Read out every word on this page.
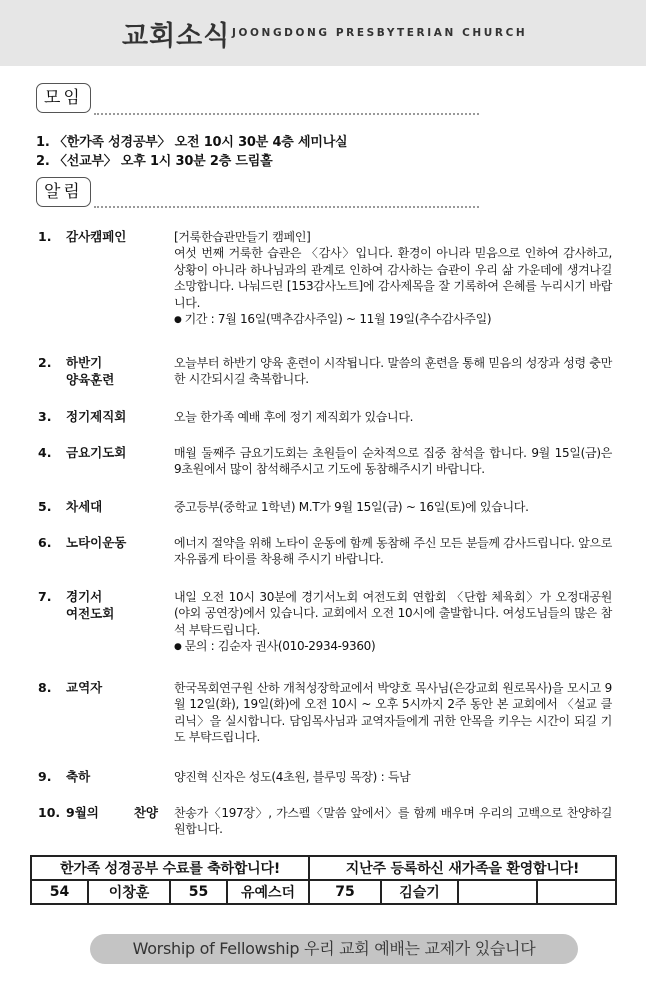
교회소식 JOONGDONG PRESBYTERIAN CHURCH
모임
1. 〈한가족 성경공부〉 오전 10시 30분 4층 세미나실
2. 〈선교부〉 오후 1시 30분 2층 드림홀
알림
1. 감사캠페인	[거룩한습관만들기 캠페인]
여섯 번째 거룩한 습관은 〈감사〉입니다. 환경이 아니라 믿음으로 인하여 감사하고, 상황이 아니라 하나님과의 관계로 인하여 감사하는 습관이 우리 삶 가운데에 생겨나길 소망합니다. 나눠드린 [153감사노트]에 감사제목을 잘 기록하여 은혜를 누리시기 바랍니다.
● 기간 : 7월 16일(맥추감사주일) ~ 11월 19일(추수감사주일)
2. 하반기
양육훈련
오늘부터 하반기 양육 훈련이 시작됩니다. 말씀의 훈련을 통해 믿음의 성장과 성령 충만한 시간되시길 축복합니다.
3. 정기제직회	오늘 한가족 예배 후에 정기 제직회가 있습니다.
4. 금요기도회	매월 둘째주 금요기도회는 초원들이 순차적으로 집중 참석을 합니다. 9월 15일(금)은 9초원에서 많이 참석해주시고 기도에 동참해주시기 바랍니다.
5. 차세대	중고등부(중학교 1학년) M.T가 9월 15일(금) ~ 16일(토)에 있습니다.
6. 노타이운동	에너지 절약을 위해 노타이 운동에 함께 동참해 주신 모든 분들께 감사드립니다. 앞으로 자유롭게 타이를 착용해 주시기 바랍니다.
7. 경기서
여전도회
내일 오전 10시 30분에 경기서노회 여전도회 연합회 〈단합 체육회〉가 오정대공원(야외 공연장)에서 있습니다. 교회에서 오전 10시에 출발합니다. 여성도님들의 많은 참석 부탁드립니다.
● 문의 : 김순자 권사(010-2934-9360)
8. 교역자	한국목회연구원 산하 개척성장학교에서 박양호 목사님(은강교회 원로목사)을 모시고 9월 12일(화), 19일(화)에 오전 10시 ~ 오후 5시까지 2주 동안 본 교회에서 〈설교 클리닉〉을 실시합니다. 담임목사님과 교역자들에게 귀한 안목을 키우는 시간이 되길 기도 부탁드립니다.
9. 축하	양진혁 신자은 성도(4초원, 블루밍 목장) : 득남
10. 9월의 찬양 찬송가〈197장〉, 가스펠〈말씀 앞에서〉를 함께 배우며 우리의 고백으로 찬양하길 원합니다.
한가족 성경공부 수료를 축하합니다!				지난주 등록하신 새가족을 환영합니다!			
54	이창훈	55	유예스더	75	김슬기		
Worship of Fellowship 우리 교회 예배는 교제가 있습니다
